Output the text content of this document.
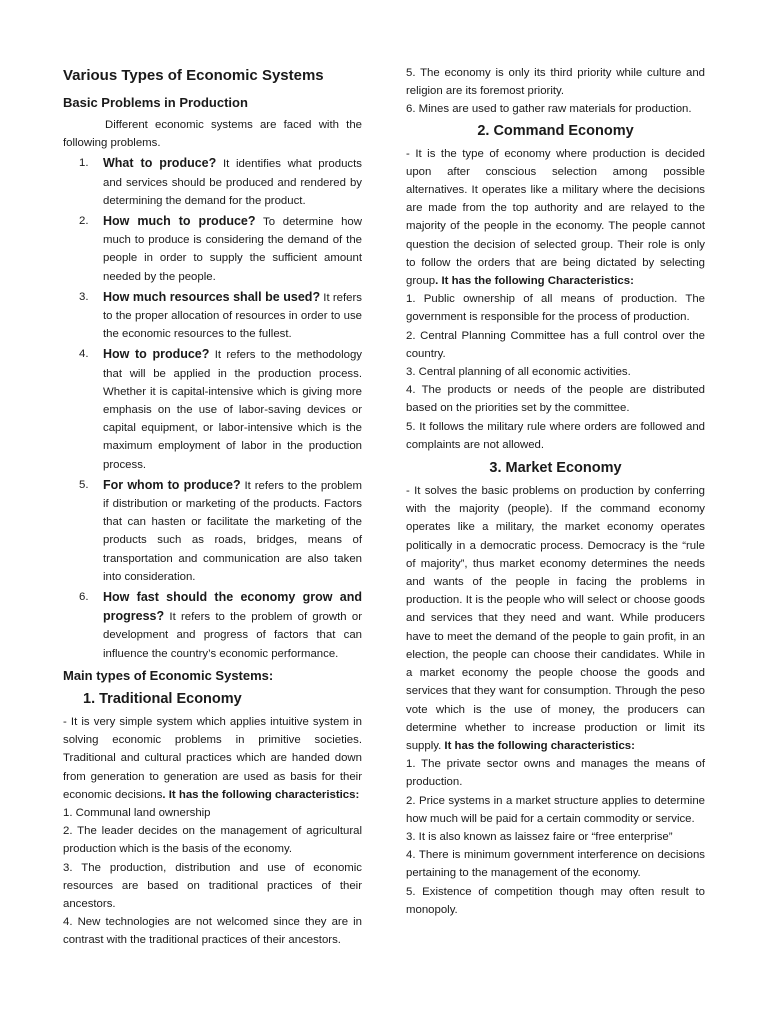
Various Types of Economic Systems
Basic Problems in Production

Different economic systems are faced with the following problems.

1. What to produce? It identifies what products and services should be produced and rendered by determining the demand for the product.
2. How much to produce? To determine how much to produce is considering the demand of the people in order to supply the sufficient amount needed by the people.
3. How much resources shall be used? It refers to the proper allocation of resources in order to use the economic resources to the fullest.
4. How to produce? It refers to the methodology that will be applied in the production process. Whether it is capital-intensive which is giving more emphasis on the use of labor-saving devices or capital equipment, or labor-intensive which is the maximum employment of labor in the production process.
5. For whom to produce? It refers to the problem if distribution or marketing of the products. Factors that can hasten or facilitate the marketing of the products such as roads, bridges, means of transportation and communication are also taken into consideration.
6. How fast should the economy grow and progress? It refers to the problem of growth or development and progress of factors that can influence the country’s economic performance.
Main types of Economic Systems:
1. Traditional Economy

- It is very simple system which applies intuitive system in solving economic problems in primitive societies. Traditional and cultural practices which are handed down from generation to generation are used as basis for their economic decisions. It has the following characteristics:

1. Communal land ownership

2. The leader decides on the management of agricultural production which is the basis of the economy.

3. The production, distribution and use of economic resources are based on traditional practices of their ancestors.

4. New technologies are not welcomed since they are in contrast with the traditional practices of their ancestors.

5. The economy is only its third priority while culture and religion are its foremost priority.

6. Mines are used to gather raw materials for production.

2. Command Economy

- It is the type of economy where production is decided upon after conscious selection among possible alternatives. It operates like a military where the decisions are made from the top authority and are relayed to the majority of the people in the economy. The people cannot question the decision of selected group. Their role is only to follow the orders that are being dictated by selecting group. It has the following Characteristics:

1. Public ownership of all means of production. The government is responsible for the process of production.

2. Central Planning Committee has a full control over the country.

3. Central planning of all economic activities.

4. The products or needs of the people are distributed based on the priorities set by the committee.

5. It follows the military rule where orders are followed and complaints are not allowed.

3. Market Economy

- It solves the basic problems on production by conferring with the majority (people). If the command economy operates like a military, the market economy operates politically in a democratic process. Democracy is the “rule of majority”, thus market economy determines the needs and wants of the people in facing the problems in production. It is the people who will select or choose goods and services that they need and want. While producers have to meet the demand of the people to gain profit, in an election, the people can choose their candidates. While in a market economy the people choose the goods and services that they want for consumption. Through the peso vote which is the use of money, the producers can determine whether to increase production or limit its supply. It has the following characteristics:

1. The private sector owns and manages the means of production.

2. Price systems in a market structure applies to determine how much will be paid for a certain commodity or service.

3. It is also known as laissez faire or “free enterprise”

4. There is minimum government interference on decisions pertaining to the management of the economy.

5. Existence of competition though may often result to monopoly.
